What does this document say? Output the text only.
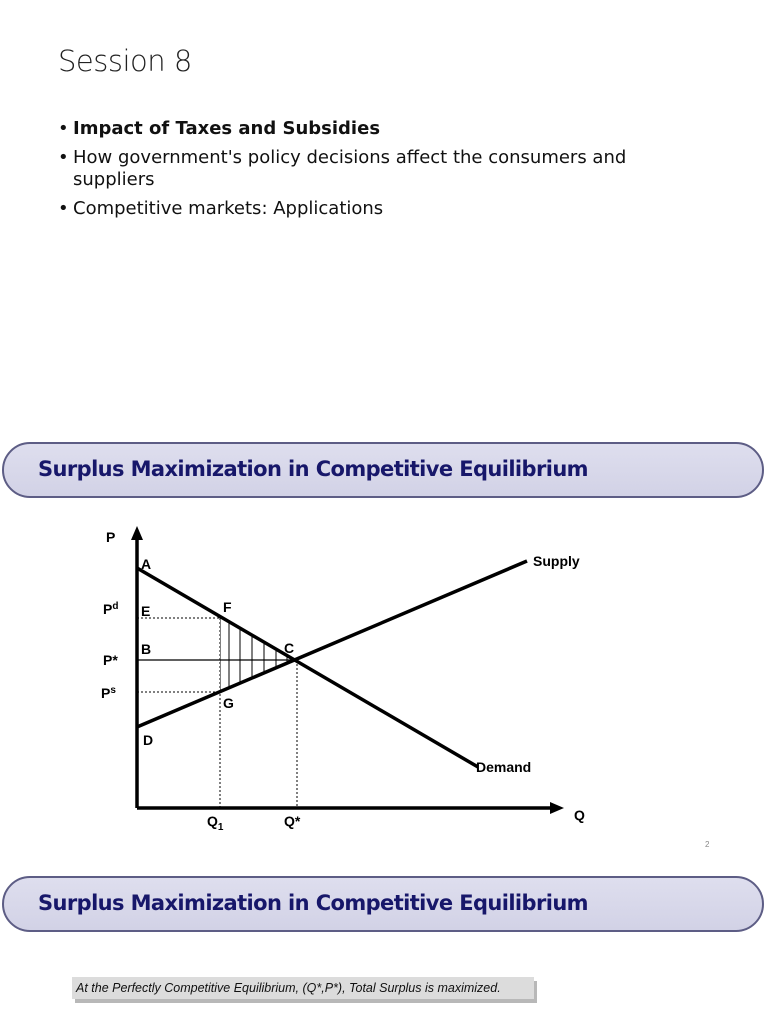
Session 8
• Impact of Taxes and Subsidies
• How government's policy decisions affect the consumers and suppliers
• Competitive markets: Applications
Surplus Maximization in Competitive Equilibrium
P
Q
Supply
Demand
A
E	F
B	C
G
D
$P^d$
P*
$P^s$
$Q_1$	Q*
2
Surplus Maximization in Competitive Equilibrium
At the Perfectly Competitive Equilibrium, (Q*,P*), Total Surplus is maximized.
